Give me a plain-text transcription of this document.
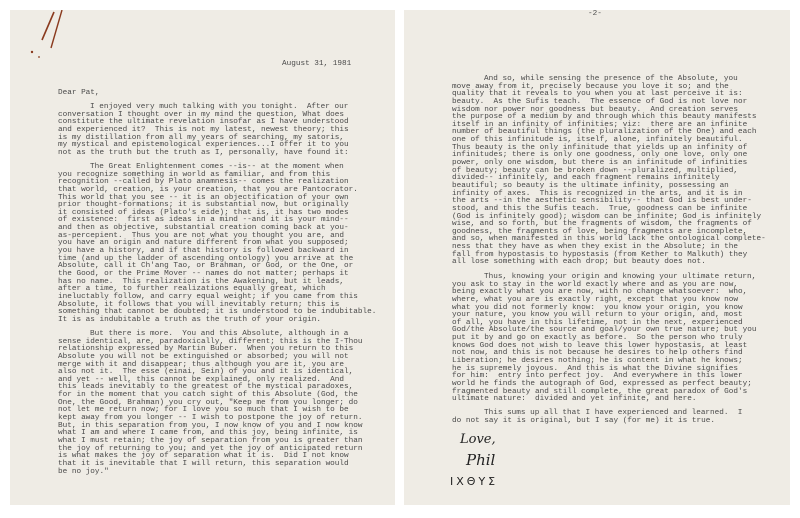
August 31, 1981
Dear Pat,
I enjoyed very much talking with you tonight.  After our
conversation I thought over in my mind the question, What does
constitute the ultimate revelation insofar as I have understood
and experienced it?  This is not my latest, newest theory; this
is my distillation from all my years of searching, my satoris,
my mystical and epistemological experiences...I offer it to you
not as the truth but the truth as I, personally, have found it:
The Great Enlightenment comes --is-- at the moment when
you recognize something in world as familiar, and from this
recognition --called by Plato anamnesis-- comes the realization
that world, creation, is your creation, that you are Pantocrator.
This world that you see -- it is an objectification of your own
prior thought-formations; it is substantial now, but originally
it consisted of ideas (Plato's eide); that is, it has two modes
of existence:  first as ideas in a mind --and it is your mind--
and then as objective, substantial creation coming back at you-
as-percepient.  Thus you are not what you thought you are, and
you have an origin and nature different from what you supposed;
you have a history, and if that history is followed backward in
time (and up the ladder of ascending ontology) you arrive at the
Absolute, call it Ch'ang Tao, or Brahman, or God, or the One, or
the Good, or the Prime Mover -- names do not matter; perhaps it
has no name.  This realization is the Awakening, but it leads,
after a time, to further realizations equally great, which
ineluctably follow, and carry equal weight; if you came from this
Absolute, it follows that you will inevitably return; this is
something that cannot be doubted; it is understood to be indubitable.
It is as indubitable a truth as the truth of your origin.
But there is more.  You and this Absolute, although in a
sense identical, are, paradoxically, different; this is the I-Thou
relationship expressed by Martin Buber.  When you return to this
Absolute you will not be extinguished or absorbed; you will not
merge with it and disappear; thus although you are it, you are
also not it.  The esse (einai, Sein) of you and it is identical,
and yet -- well, this cannot be explained, only realized.  And
this leads inevitably to the greatest of the mystical paradoxes,
for in the moment that you catch sight of this Absolute (God, the
One, the Good, Brahman) you cry out, "Keep me from you longer; do
not let me return now; for I love you so much that I wish to be
kept away from you longer -- I wish to postpone the joy of return.
But, in this separation from you, I now know of you and I now know
what I am and where I came from, and this joy, being infinite, is
what I must retain; the joy of separation from you is greater than
the joy of returning to you; and yet the joy of anticipated return
is what makes the joy of separation what it is.  Did I not know
that it is inevitable that I will return, this separation would
be no joy."
-2-
And so, while sensing the presence of the Absolute, you
move away from it, precisely because you love it so; and the
quality that it reveals to you when you at last perceive it is:
beauty.  As the Sufis teach.  The essence of God is not love nor
wisdom nor power nor goodness but beauty.  And creation serves
the purpose of a medium by and through which this beauty manifests
itself in an infinity of infinities; viz:  there are an infinite
number of beautiful things (the pluralization of the One) and each
one of this infinitude is, itself, alone, infinitely beautiful.
Thus beauty is the only infinitude that yields up an infinity of
infinitudes; there is only one goodness, only one love, only one
power, only one wisdom, but there is an infinitude of infinities
of beauty; beauty can be broken down --pluralized, multiplied,
divided-- infinitely, and each fragment remains infinitely
beautiful; so beauty is the ultimate infinity, possessing an
infinity of axes.  This is recognized in the arts, and it is in
the arts --in the aesthetic sensibility-- that God is best under-
stood, and this the Sufis teach.  True, goodness can be infinite
(God is infinitely good); wisdom can be infinite; God is infinitely
wise, and so forth, but the fragments of wisdom, the fragments of
goodness, the fragments of love, being fragments are incomplete,
and so, when manifested in this world lack the ontological complete-
ness that they have as when they exist in the Absolute; in the
fall from hypostasis to hypostasis (from Kether to Malkuth) they
all lose something with each drop; but beauty does not.
Thus, knowing your origin and knowing your ultimate return,
you ask to stay in the world exactly where and as you are now,
being exactly what you are now, with no change whatsoever:  who,
where, what you are is exactly right, except that you know now
what you did not formerly know:  you know your origin, you know
your nature, you know you will return to your origin, and, most
of all, you have in this lifetime, not in the next, experienced
God/the Absolute/the source and goal/your own true nature; but you
put it by and go on exactly as before.  So the person who truly
knows God does not wish to leave this lower hypostasis, at least
not now, and this is not because he desires to help others find
Liberation; he desires nothing; he is content in what he knows;
he is supremely joyous.  And this is what the Divine signifies
for him:  entry into perfect joy.  And everywhere in this lower
world he finds the autograph of God, expressed as perfect beauty;
fragmented beauty and still complete, the great paradox of God's
ultimate nature:  divided and yet infinite, and here.
This sums up all that I have experienced and learned.  I
do not say it is original, but I say (for me) it is true.
Love,
Phil
ΙΧΘΥΣ
